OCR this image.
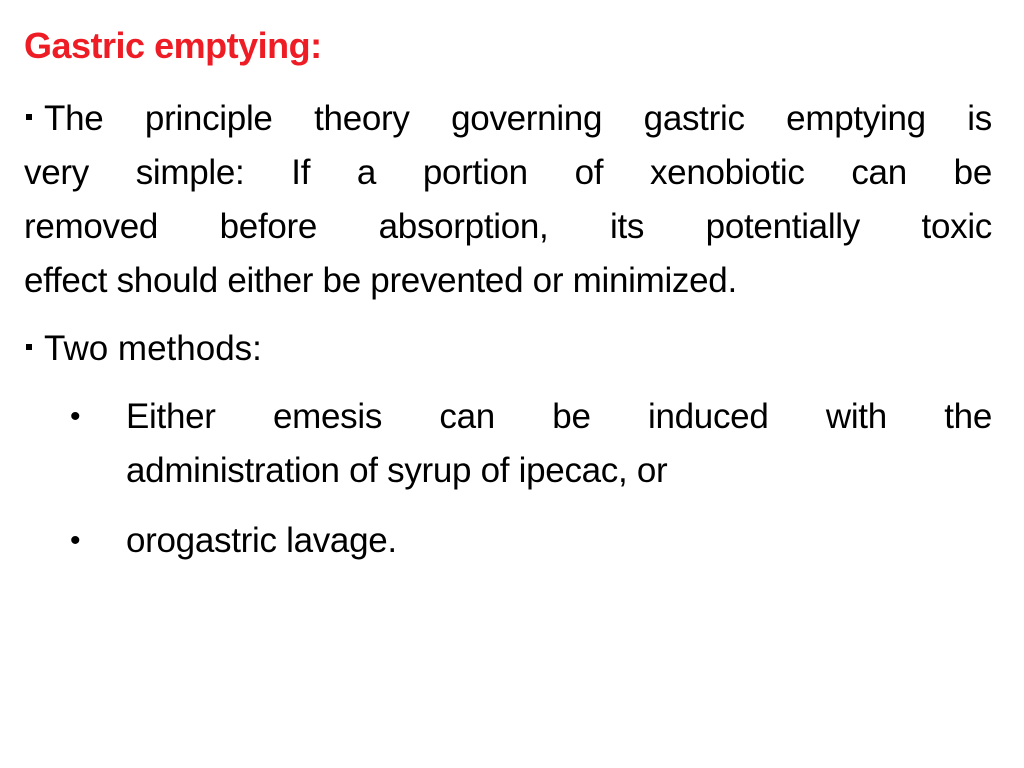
Gastric emptying:
The principle theory governing gastric emptying is
very simple: If a portion of xenobiotic can be
removed before absorption, its potentially toxic
effect should either be prevented or minimized.
Two methods:
• Either emesis can be induced with the
administration of syrup of ipecac, or
• orogastric lavage.
